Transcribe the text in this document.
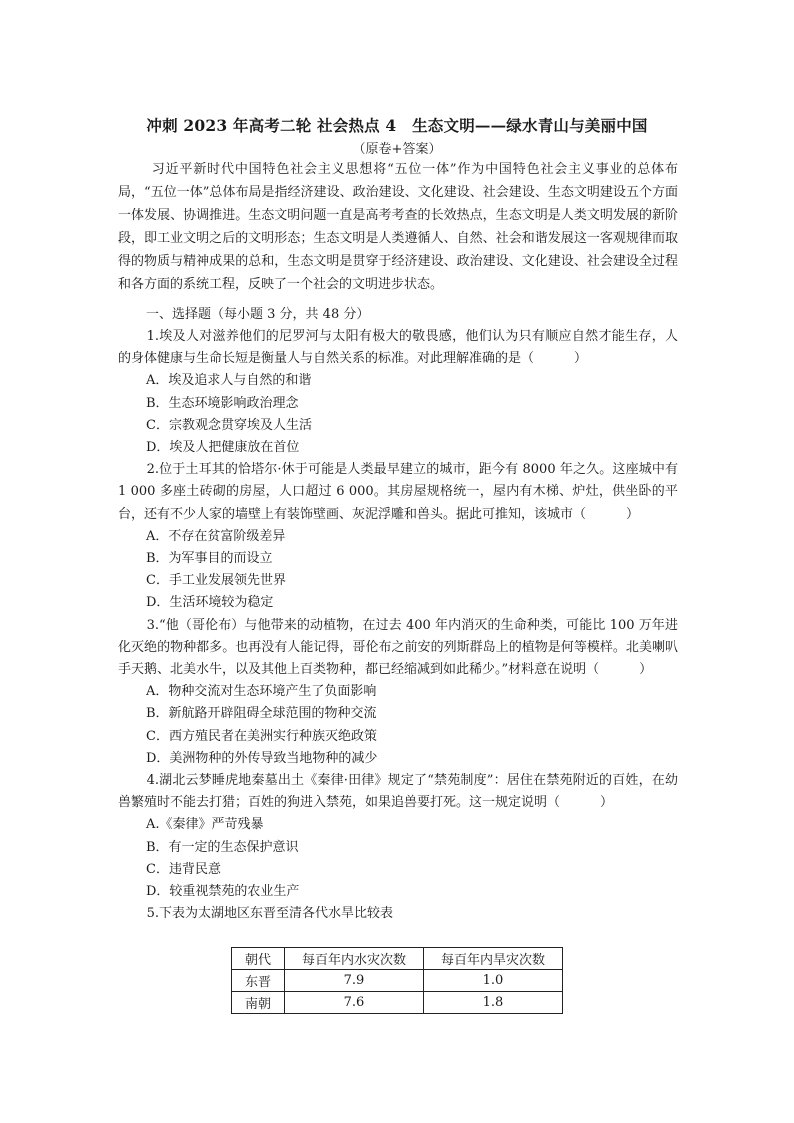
冲刺 2023 年高考二轮 社会热点 4　生态文明——绿水青山与美丽中国
（原卷+答案）
习近平新时代中国特色社会主义思想将“五位一体”作为中国特色社会主义事业的总体布局，“五位一体”总体布局是指经济建设、政治建设、文化建设、社会建设、生态文明建设五个方面一体发展、协调推进。生态文明问题一直是高考考查的长效热点，生态文明是人类文明发展的新阶段，即工业文明之后的文明形态；生态文明是人类遵循人、自然、社会和谐发展这一客观规律而取得的物质与精神成果的总和，生态文明是贯穿于经济建设、政治建设、文化建设、社会建设全过程和各方面的系统工程，反映了一个社会的文明进步状态。
一、选择题（每小题 3 分，共 48 分）
1.埃及人对滋养他们的尼罗河与太阳有极大的敬畏感，他们认为只有顺应自然才能生存，人的身体健康与生命长短是衡量人与自然关系的标准。对此理解准确的是（	）
A．埃及追求人与自然的和谐
B．生态环境影响政治理念
C．宗教观念贯穿埃及人生活
D．埃及人把健康放在首位
2.位于土耳其的恰塔尔·休于可能是人类最早建立的城市，距今有 8000 年之久。这座城中有 1 000 多座土砖砌的房屋，人口超过 6 000。其房屋规格统一，屋内有木梯、炉灶，供坐卧的平台，还有不少人家的墙壁上有装饰壁画、灰泥浮雕和兽头。据此可推知，该城市（	）
A．不存在贫富阶级差异
B．为军事目的而设立
C．手工业发展领先世界
D．生活环境较为稳定
3.“他（哥伦布）与他带来的动植物，在过去 400 年内消灭的生命种类，可能比 100 万年进化灭绝的物种都多。也再没有人能记得，哥伦布之前安的列斯群岛上的植物是何等模样。北美喇叭手天鹅、北美水牛，以及其他上百类物种，都已经缩减到如此稀少。”材料意在说明（	）
A．物种交流对生态环境产生了负面影响
B．新航路开辟阻碍全球范围的物种交流
C．西方殖民者在美洲实行种族灭绝政策
D．美洲物种的外传导致当地物种的减少
4.湖北云梦睡虎地秦墓出土《秦律·田律》规定了“禁苑制度”：居住在禁苑附近的百姓，在幼兽繁殖时不能去打猎；百姓的狗进入禁苑，如果追兽要打死。这一规定说明（	）
A.《秦律》严苛残暴
B．有一定的生态保护意识
C．违背民意
D．较重视禁苑的农业生产
5.下表为太湖地区东晋至清各代水旱比较表
朝代	每百年内水灾次数	每百年内旱灾次数
东晋	7.9	1.0
南朝	7.6	1.8
